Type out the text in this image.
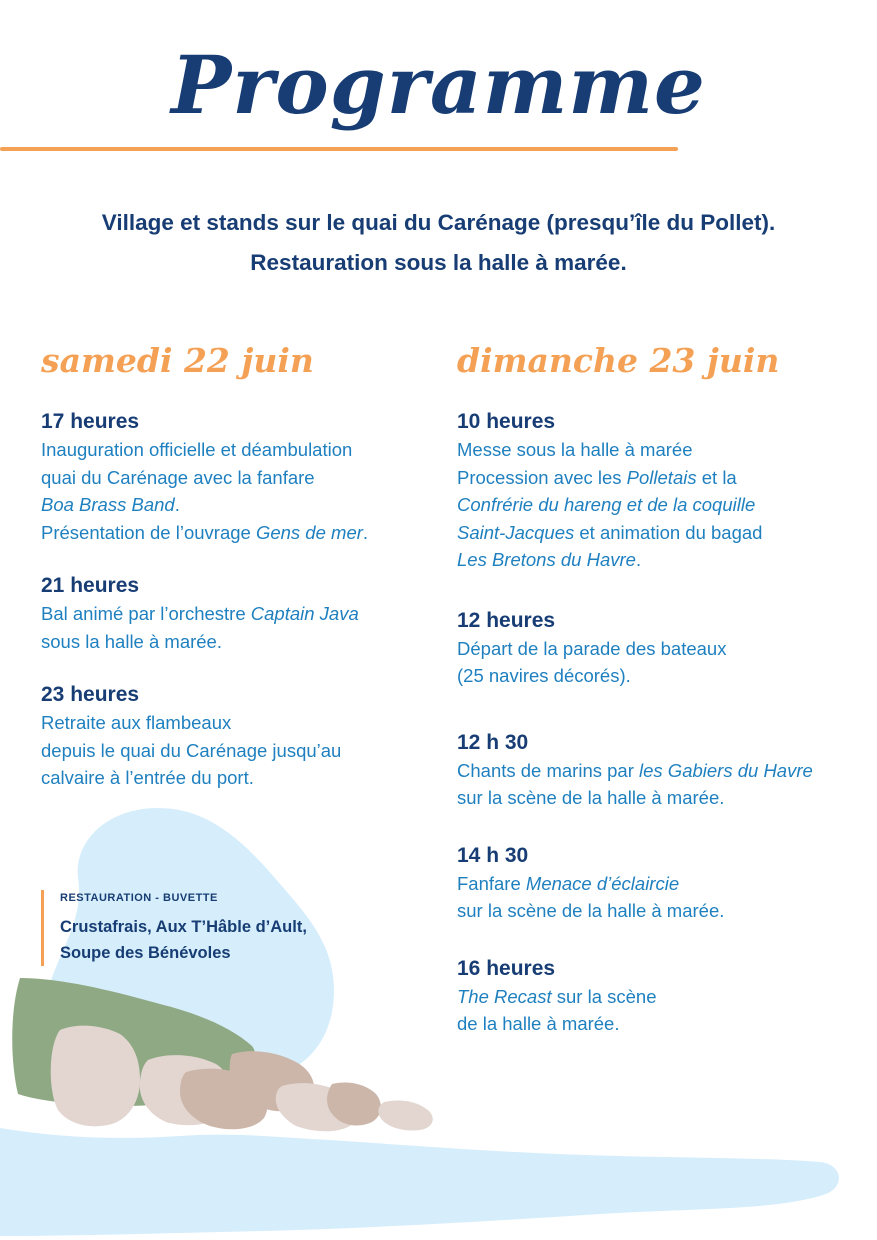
Programme
Village et stands sur le quai du Carénage (presqu’île du Pollet).
Restauration sous la halle à marée.
samedi 22 juin
17 heures
Inauguration officielle et déambulation
quai du Carénage avec la fanfare
Boa Brass Band.
Présentation de l’ouvrage Gens de mer.
21 heures
Bal animé par l’orchestre Captain Java
sous la halle à marée.
23 heures
Retraite aux flambeaux
depuis le quai du Carénage jusqu’au
calvaire à l’entrée du port.
dimanche 23 juin
10 heures
Messe sous la halle à marée
Procession avec les Polletais et la
Confrérie du hareng et de la coquille
Saint-Jacques et animation du bagad
Les Bretons du Havre.
12 heures
Départ de la parade des bateaux
(25 navires décorés).
12 h 30
Chants de marins par les Gabiers du Havre
sur la scène de la halle à marée.
14 h 30
Fanfare Menace d’éclaircie
sur la scène de la halle à marée.
16 heures
The Recast sur la scène
de la halle à marée.
RESTAURATION - BUVETTE
Crustafrais, Aux T’Hâble d’Ault,
Soupe des Bénévoles
